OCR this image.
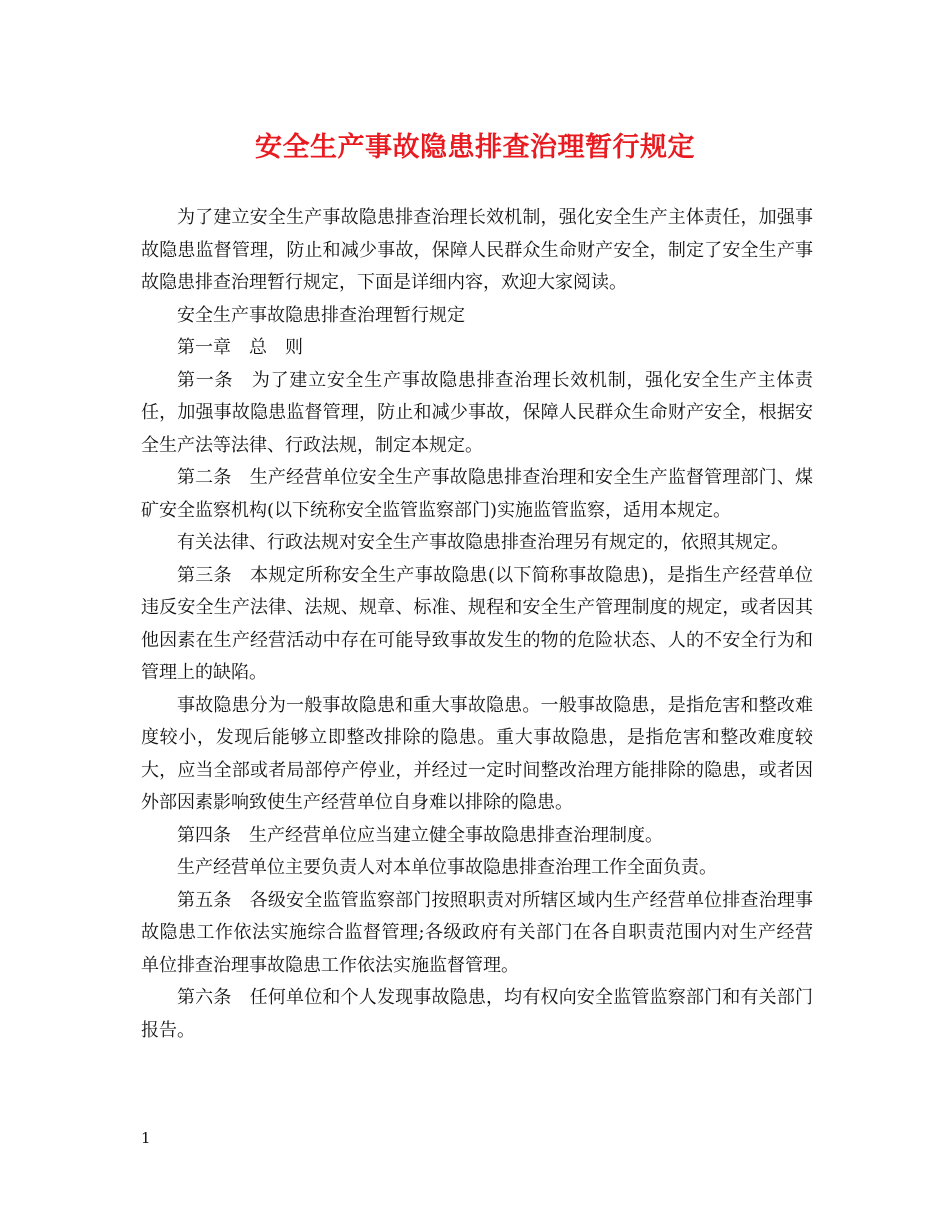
安全生产事故隐患排查治理暂行规定

为了建立安全生产事故隐患排查治理长效机制，强化安全生产主体责任，加强事故隐患监督管理，防止和减少事故，保障人民群众生命财产安全，制定了安全生产事故隐患排查治理暂行规定，下面是详细内容，欢迎大家阅读。

安全生产事故隐患排查治理暂行规定

第一章　总　则

第一条　为了建立安全生产事故隐患排查治理长效机制，强化安全生产主体责任，加强事故隐患监督管理，防止和减少事故，保障人民群众生命财产安全，根据安全生产法等法律、行政法规，制定本规定。

第二条　生产经营单位安全生产事故隐患排查治理和安全生产监督管理部门、煤矿安全监察机构(以下统称安全监管监察部门)实施监管监察，适用本规定。

有关法律、行政法规对安全生产事故隐患排查治理另有规定的，依照其规定。

第三条　本规定所称安全生产事故隐患(以下简称事故隐患)，是指生产经营单位违反安全生产法律、法规、规章、标准、规程和安全生产管理制度的规定，或者因其他因素在生产经营活动中存在可能导致事故发生的物的危险状态、人的不安全行为和管理上的缺陷。

事故隐患分为一般事故隐患和重大事故隐患。一般事故隐患，是指危害和整改难度较小，发现后能够立即整改排除的隐患。重大事故隐患，是指危害和整改难度较大，应当全部或者局部停产停业，并经过一定时间整改治理方能排除的隐患，或者因外部因素影响致使生产经营单位自身难以排除的隐患。

第四条　生产经营单位应当建立健全事故隐患排查治理制度。

生产经营单位主要负责人对本单位事故隐患排查治理工作全面负责。

第五条　各级安全监管监察部门按照职责对所辖区域内生产经营单位排查治理事故隐患工作依法实施综合监督管理;各级政府有关部门在各自职责范围内对生产经营单位排查治理事故隐患工作依法实施监督管理。

第六条　任何单位和个人发现事故隐患，均有权向安全监管监察部门和有关部门报告。

1
